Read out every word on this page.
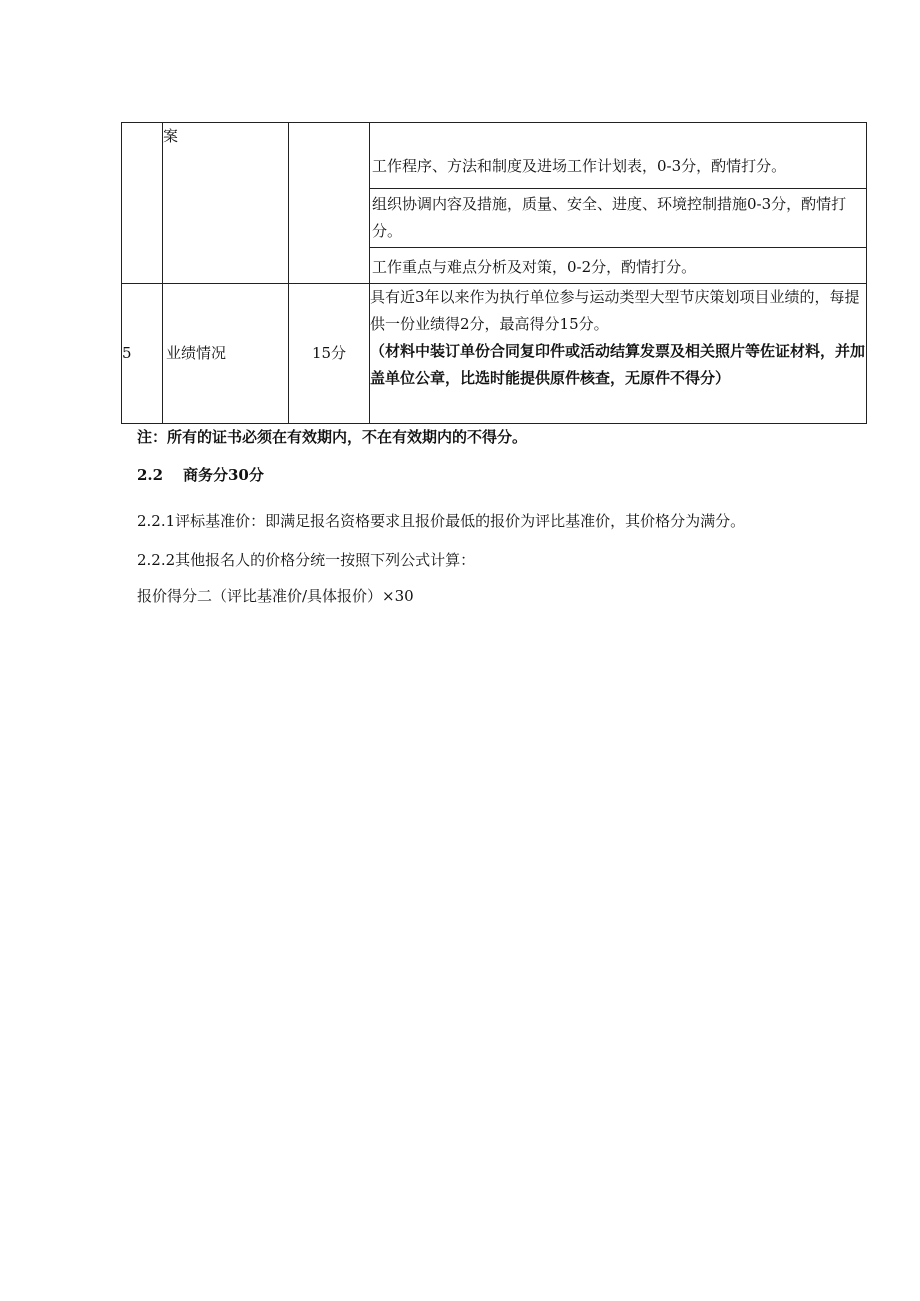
	案		工作程序、方法和制度及进场工作计划表，0-3分，酌情打分。
组织协调内容及措施，质量、安全、进度、环境控制措施0-3分，酌情打分。
工作重点与难点分析及对策，0-2分，酌情打分。

5	业绩情况	15分	具有近3年以来作为执行单位参与运动类型大型节庆策划项目业绩的，每提供一份业绩得2分，最高得分15分。
（材料中装订单份合同复印件或活动结算发票及相关照片等佐证材料，并加盖单位公章，比选时能提供原件核查，无原件不得分）
注：所有的证书必须在有效期内，不在有效期内的不得分。
2.2 商务分30分
2.2.1评标基准价：即满足报名资格要求且报价最低的报价为评比基准价，其价格分为满分。
2.2.2其他报名人的价格分统一按照下列公式计算：
报价得分二（评比基准价/具体报价）×30
